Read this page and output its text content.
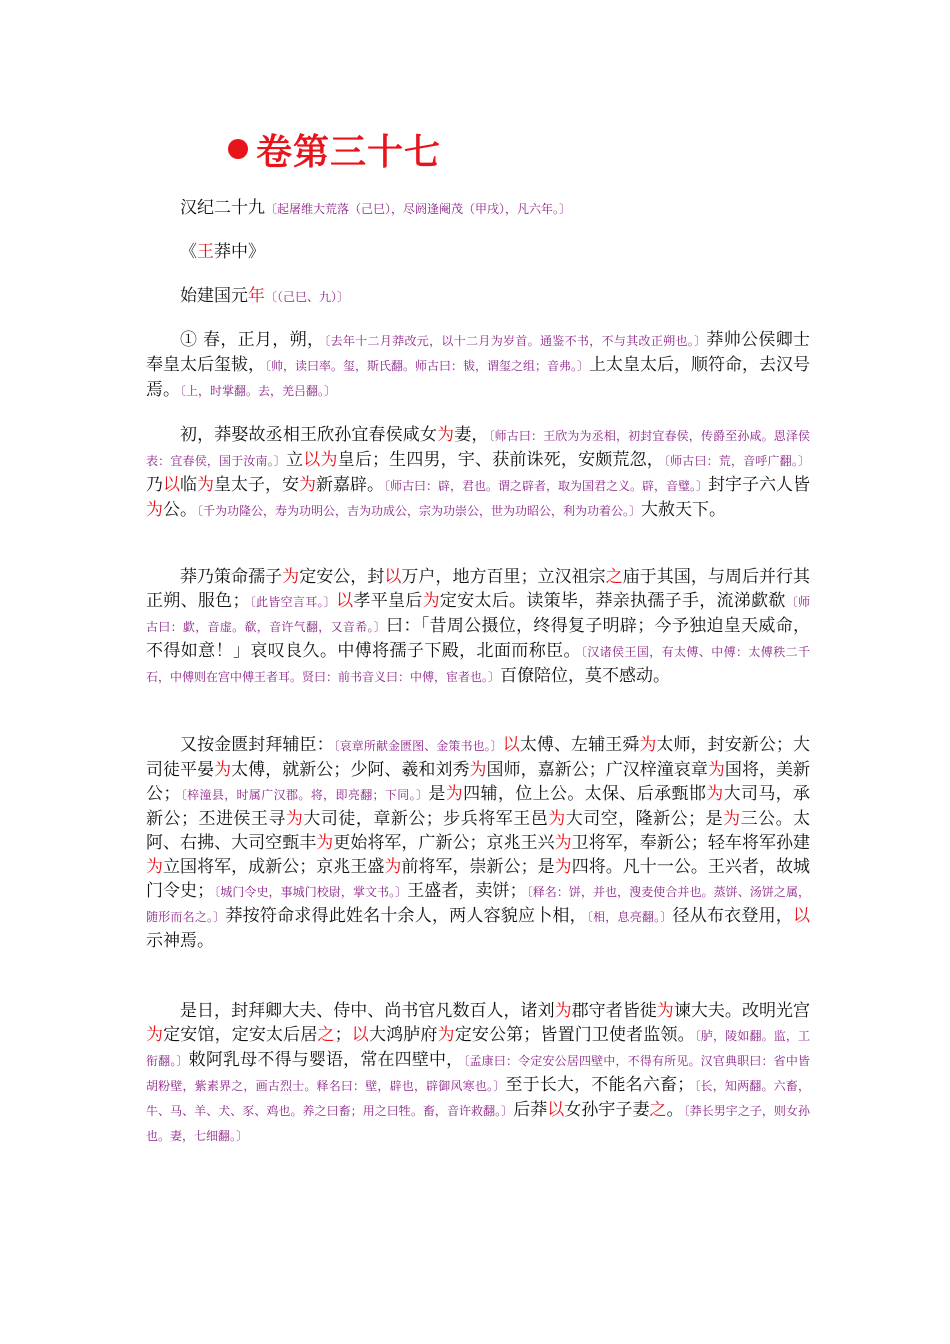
卷第三十七

汉纪二十九〔起屠维大荒落（己巳），尽阏逢阉茂（甲戌），凡六年。〕

《王莽中》

始建国元年〔（己巳、九）〕

① 春，正月，朔，〔去年十二月莽改元，以十二月为岁首。通鉴不书，不与其改正朔也。〕莽帅公侯卿士奉皇太后玺韨，〔帅，读曰率。玺，斯氏翻。师古曰：韨，谓玺之组；音弗。〕上太皇太后，顺符命，去汉号焉。〔上，时掌翻。去，羌吕翻。〕

初，莽娶故丞相王欣孙宜春侯咸女为妻，〔师古曰：王欣为为丞相，初封宜春侯，传爵至孙咸。恩泽侯表：宜春侯，国于汝南。〕立以为皇后；生四男，宇、获前诛死，安颇荒忽，〔师古曰：荒，音呼广翻。〕乃以临为皇太子，安为新嘉辟。〔师古曰：辟，君也。谓之辟者，取为国君之义。辟，音璧。〕封宇子六人皆为公。〔千为功隆公，寿为功明公，吉为功成公，宗为功崇公，世为功昭公，利为功着公。〕大赦天下。

莽乃策命孺子为定安公，封以万户，地方百里；立汉祖宗之庙于其国，与周后并行其正朔、服色；〔此皆空言耳。〕以孝平皇后为定安太后。读策毕，莽亲执孺子手，流涕歔欷〔师古曰：歔，音虚。欷，音许气翻，又音希。〕曰：「昔周公摄位，终得复子明辟；今予独迫皇天威命，不得如意！」哀叹良久。中傅将孺子下殿，北面而称臣。〔汉诸侯王国，有太傅、中傅：太傅秩二千石，中傅则在宫中傅王者耳。贤曰：前书音义曰：中傅，宦者也。〕百僚陪位，莫不感动。

又按金匮封拜辅臣：〔哀章所献金匮图、金策书也。〕以太傅、左辅王舜为太师，封安新公；大司徒平晏为太傅，就新公；少阿、羲和刘秀为国师，嘉新公；广汉梓潼哀章为国将，美新公；〔梓潼县，时属广汉郡。将，即亮翻；下同。〕是为四辅，位上公。太保、后承甄邯为大司马，承新公；丕进侯王寻为大司徒，章新公；步兵将军王邑为大司空，隆新公；是为三公。太阿、右拂、大司空甄丰为更始将军，广新公；京兆王兴为卫将军，奉新公；轻车将军孙建为立国将军，成新公；京兆王盛为前将军，崇新公；是为四将。凡十一公。王兴者，故城门令史；〔城门令史，事城门校尉，掌文书。〕王盛者，卖饼；〔释名：饼，并也，溲麦使合并也。蒸饼、汤饼之属，随形而名之。〕莽按符命求得此姓名十余人，两人容貌应卜相，〔相，息亮翻。〕径从布衣登用，以示神焉。

是日，封拜卿大夫、侍中、尚书官凡数百人，诸刘为郡守者皆徙为谏大夫。改明光宫为定安馆，定安太后居之；以大鸿胪府为定安公第；皆置门卫使者监领。〔胪，陵如翻。监，工衔翻。〕敕阿乳母不得与婴语，常在四壁中，〔孟康曰：令定安公居四壁中，不得有所见。汉官典职曰：省中皆胡粉壁，紫素界之，画古烈士。释名曰：壁，辟也，辟御风寒也。〕至于长大，不能名六畜；〔长，知两翻。六畜，牛、马、羊、犬、豕、鸡也。养之曰畜；用之曰牲。畜，音许救翻。〕后莽以女孙宇子妻之。〔莽长男宇之子，则女孙也。妻，七细翻。〕
